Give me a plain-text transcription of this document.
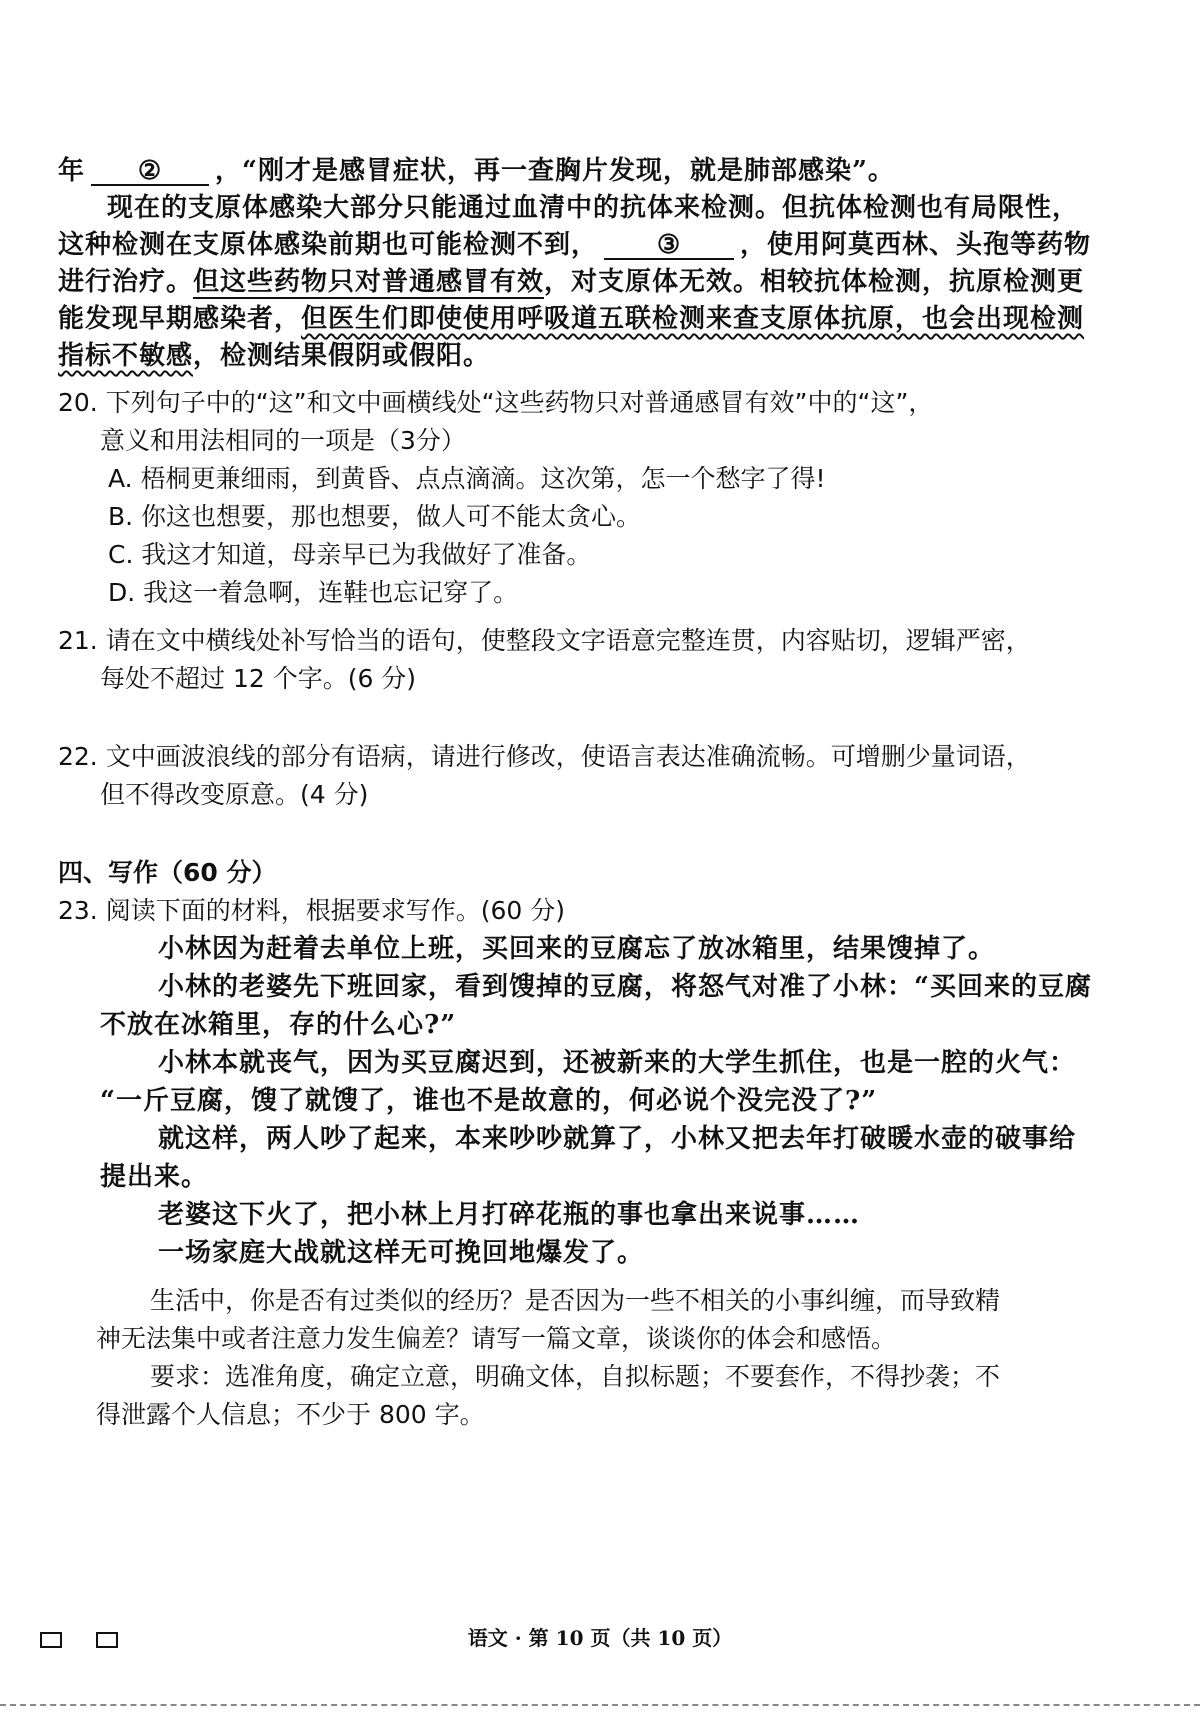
年 ② ，“刚才是感冒症状，再一查胸片发现，就是肺部感染”。
现在的支原体感染大部分只能通过血清中的抗体来检测。但抗体检测也有局限性，
这种检测在支原体感染前期也可能检测不到， ③ ，使用阿莫西林、头孢等药物
进行治疗。但这些药物只对普通感冒有效，对支原体无效。相较抗体检测，抗原检测更
能发现早期感染者，但医生们即使使用呼吸道五联检测来查支原体抗原，也会出现检测
指标不敏感，检测结果假阴或假阳。
20. 下列句子中的“这”和文中画横线处“这些药物只对普通感冒有效”中的“这”，
意义和用法相同的一项是（3分）
A. 梧桐更兼细雨，到黄昏、点点滴滴。这次第，怎一个愁字了得!
B. 你这也想要，那也想要，做人可不能太贪心。
C. 我这才知道，母亲早已为我做好了准备。
D. 我这一着急啊，连鞋也忘记穿了。
21. 请在文中横线处补写恰当的语句，使整段文字语意完整连贯，内容贴切，逻辑严密，
每处不超过 12 个字。(6 分)
22. 文中画波浪线的部分有语病，请进行修改，使语言表达准确流畅。可增删少量词语，
但不得改变原意。(4 分)
四、写作（60 分）
23. 阅读下面的材料，根据要求写作。(60 分)
小林因为赶着去单位上班，买回来的豆腐忘了放冰箱里，结果馊掉了。
小林的老婆先下班回家，看到馊掉的豆腐，将怒气对准了小林：“买回来的豆腐
不放在冰箱里，存的什么心?”
小林本就丧气，因为买豆腐迟到，还被新来的大学生抓住，也是一腔的火气：
“一斤豆腐，馊了就馊了，谁也不是故意的，何必说个没完没了?”
就这样，两人吵了起来，本来吵吵就算了，小林又把去年打破暖水壶的破事给
提出来。
老婆这下火了，把小林上月打碎花瓶的事也拿出来说事……
一场家庭大战就这样无可挽回地爆发了。
生活中，你是否有过类似的经历？是否因为一些不相关的小事纠缠，而导致精
神无法集中或者注意力发生偏差？请写一篇文章，谈谈你的体会和感悟。
要求：选准角度，确定立意，明确文体，自拟标题；不要套作，不得抄袭；不
得泄露个人信息；不少于 800 字。
语文 · 第 10 页（共 10 页）
